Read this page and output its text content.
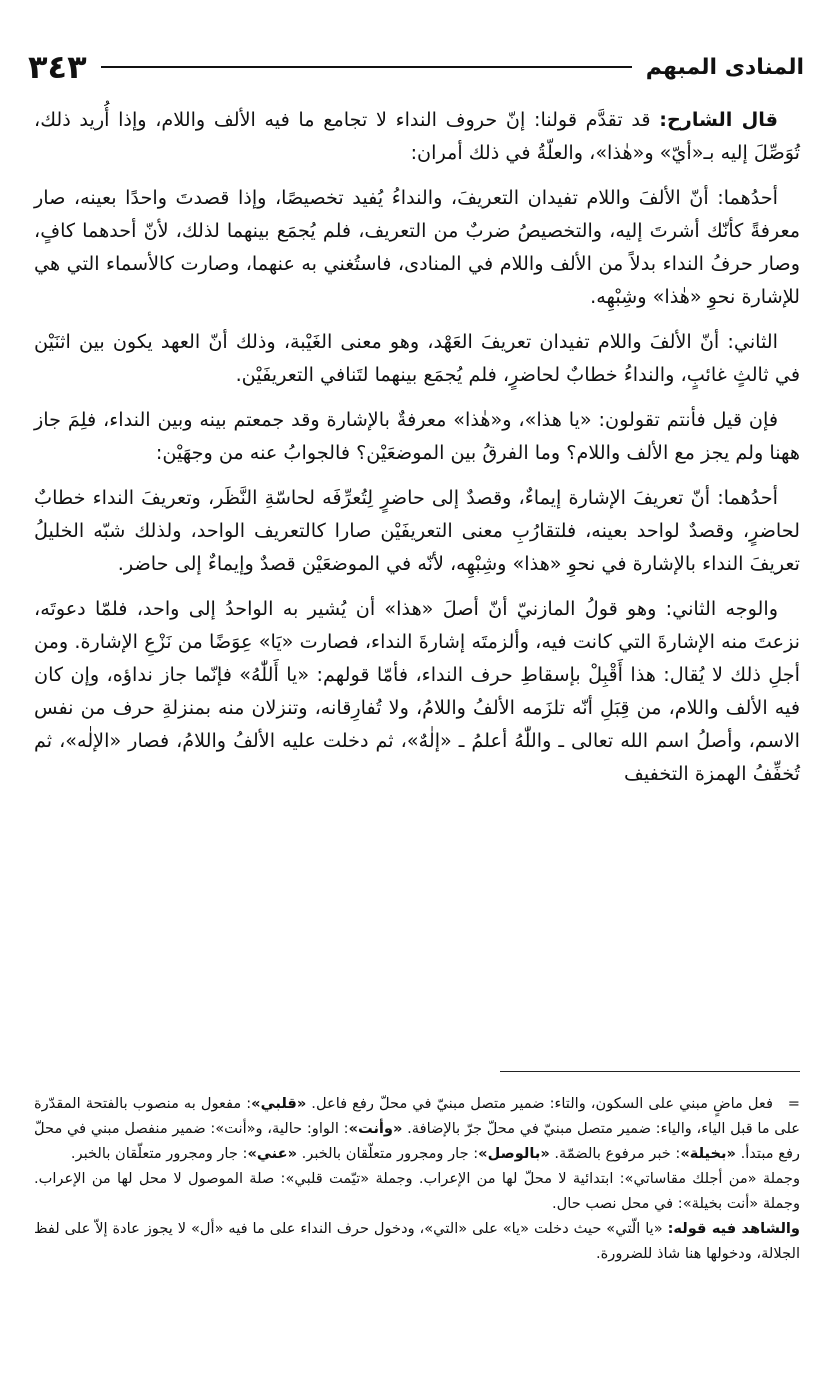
المنادى المبهم
٣٤٣

قال الشارح: قد تقدَّم قولنا: إنّ حروف النداء لا تجامع ما فيه الألف واللام، وإذا أُريد ذلك، تُوَصِّلَ إليه بـ«أيّ» و«هٰذا»، والعلّةُ في ذلك أمران:

أحدُهما: أنّ الألفَ واللام تفيدان التعريفَ، والنداءُ يُفيد تخصيصًا، وإذا قصدتَ واحدًا بعينه، صار معرفةً كأنّك أشرتَ إليه، والتخصيصُ ضربٌ من التعريف، فلم يُجمَع بينهما لذلك، لأنّ أحدهما كافٍ، وصار حرفُ النداء بدلاً من الألف واللام في المنادى، فاستُغني به عنهما، وصارت كالأسماء التي هي للإشارة نحوِ «هٰذا» وشِبْهِه.

الثاني: أنّ الألفَ واللام تفيدان تعريفَ العَهْد، وهو معنى الغَيْبة، وذلك أنّ العهد يكون بين اثنَيْن في ثالثٍ غائبٍ، والنداءُ خطابٌ لحاضرٍ، فلم يُجمَع بينهما لتَنافي التعريفَيْن.

فإن قيل فأنتم تقولون: «يا هذا»، و«هٰذا» معرفةٌ بالإشارة وقد جمعتم بينه وبين النداء، فلِمَ جاز ههنا ولم يجز مع الألف واللام؟ وما الفرقُ بين الموضعَيْن؟ فالجوابُ عنه من وجهَيْن:

أحدُهما: أنّ تعريفَ الإشارة إيماءٌ، وقصدٌ إلى حاضرٍ لِتُعرِّفَه لحاسّةِ النَّظَر، وتعريفَ النداء خطابٌ لحاضرٍ، وقصدٌ لواحد بعينه، فلتقارُبِ معنى التعريفَيْن صارا كالتعريف الواحد، ولذلك شبّه الخليلُ تعريفَ النداء بالإشارة في نحوِ «هذا» وشِبْهِه، لأنّه في الموضعَيْن قصدٌ وإيماءٌ إلى حاضر.

والوجه الثاني: وهو قولُ المازنيّ أنّ أصلَ «هذا» أن يُشير به الواحدُ إلى واحد، فلمّا دعوتَه، نزعتَ منه الإشارةَ التي كانت فيه، وألزمتَه إشارةَ النداء، فصارت «يَا» عِوَضًا من نَزْعِ الإشارة. ومن أجلِ ذلك لا يُقال: هذا أَقْبِلْ بإسقاطِ حرف النداء، فأمّا قولهم: «يا أَللّٰهُ» فإنّما جاز نداؤه، وإن كان فيه الألف واللام، من قِبَلِ أنّه تلزَمه الألفُ واللامُ، ولا تُفارِقانه، وتنزلان منه بمنزلةِ حرف من نفس الاسم، وأصلُ اسم الله تعالى ـ واللّٰهُ أعلمُ ـ «إلٰهٌ»، ثم دخلت عليه الألفُ واللامُ، فصار «الإلٰه»، ثم تُخفِّفُ الهمزة التخفيف

= فعل ماضٍ مبني على السكون، والتاء: ضمير متصل مبنيّ في محلّ رفع فاعل. «قلبي»: مفعول به منصوب بالفتحة المقدّرة على ما قبل الياء، والياء: ضمير متصل مبنيّ في محلّ جرّ بالإضافة. «وأنت»: الواو: حالية، و«أنت»: ضمير منفصل مبني في محلّ رفع مبتدأ. «بخيلة»: خبر مرفوع بالضمّة. «بالوصل»: جار ومجرور متعلّقان بالخبر. «عني»: جار ومجرور متعلّقان بالخبر.

وجملة «من أجلك مقاساتي»: ابتدائية لا محلّ لها من الإعراب. وجملة «تيّمت قلبي»: صلة الموصول لا محل لها من الإعراب. وجملة «أنت بخيلة»: في محل نصب حال.

والشاهد فيه قوله: «يا الّتي» حيث دخلت «يا» على «التي»، ودخول حرف النداء على ما فيه «أل» لا يجوز عادة إلاّ على لفظ الجلالة، ودخولها هنا شاذ للضرورة.
